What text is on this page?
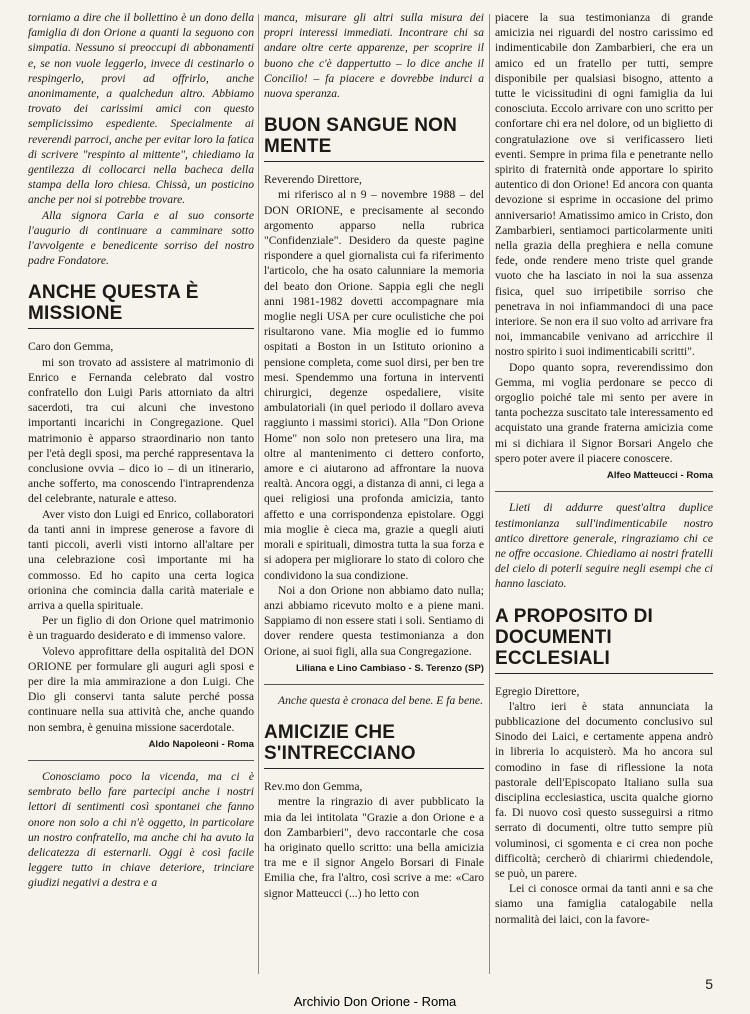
torniamo a dire che il bollettino è un dono della famiglia di don Orione a quanti la seguono con simpatia. Nessuno si preoccupi di abbonamenti e, se non vuole leggerlo, invece di cestinarlo o respingerlo, provi ad offrirlo, anche anonimamente, a qualchedun altro. Abbiamo trovato dei carissimi amici con questo semplicissimo espediente. Specialmente ai reverendi parroci, anche per evitar loro la fatica di scrivere "respinto al mittente", chiediamo la gentilezza di collocarci nella bacheca della stampa della loro chiesa. Chissà, un posticino anche per noi si potrebbe trovare.

Alla signora Carla e al suo consorte l'augurio di continuare a camminare sotto l'avvolgente e benedicente sorriso del nostro padre Fondatore.

ANCHE QUESTA È MISSIONE

Caro don Gemma,

mi son trovato ad assistere al matrimonio di Enrico e Fernanda celebrato dal vostro confratello don Luigi Paris attorniato da altri sacerdoti, tra cui alcuni che investono importanti incarichi in Congregazione. Quel matrimonio è apparso straordinario non tanto per l'età degli sposi, ma perché rappresentava la conclusione ovvia – dico io – di un itinerario, anche sofferto, ma conoscendo l'intraprendenza del celebrante, naturale e atteso.

Aver visto don Luigi ed Enrico, collaboratori da tanti anni in imprese generose a favore di tanti piccoli, averli visti intorno all'altare per una celebrazione così importante mi ha commosso. Ed ho capito una certa logica orionina che comincia dalla carità materiale e arriva a quella spirituale.

Per un figlio di don Orione quel matrimonio è un traguardo desiderato e di immenso valore.

Volevo approfittare della ospitalità del DON ORIONE per formulare gli auguri agli sposi e per dire la mia ammirazione a don Luigi. Che Dio gli conservi tanta salute perché possa continuare nella sua attività che, anche quando non sembra, è genuina missione sacerdotale.

Aldo Napoleoni - Roma

Conosciamo poco la vicenda, ma ci è sembrato bello fare partecipi anche i nostri lettori di sentimenti così spontanei che fanno onore non solo a chi n'è oggetto, in particolare un nostro confratello, ma anche chi ha avuto la delicatezza di esternarli. Oggi è così facile leggere tutto in chiave deteriore, trinciare giudizi negativi a destra e a

manca, misurare gli altri sulla misura dei propri interessi immediati. Incontrare chi sa andare oltre certe apparenze, per scoprire il buono che c'è dappertutto – lo dice anche il Concilio! – fa piacere e dovrebbe indurci a nuova speranza.

BUON SANGUE NON MENTE

Reverendo Direttore,

mi riferisco al n 9 – novembre 1988 – del DON ORIONE, e precisamente al secondo argomento apparso nella rubrica "Confidenziale". Desidero da queste pagine rispondere a quel giornalista cui fa riferimento l'articolo, che ha osato calunniare la memoria del beato don Orione. Sappia egli che negli anni 1981-1982 dovetti accompagnare mia moglie negli USA per cure oculistiche che poi risultarono vane. Mia moglie ed io fummo ospitati a Boston in un Istituto orionino a pensione completa, come suol dirsi, per ben tre mesi. Spendemmo una fortuna in interventi chirurgici, degenze ospedaliere, visite ambulatoriali (in quel periodo il dollaro aveva raggiunto i massimi storici). Alla "Don Orione Home" non solo non pretesero una lira, ma oltre al mantenimento ci dettero conforto, amore e ci aiutarono ad affrontare la nuova realtà. Ancora oggi, a distanza di anni, ci lega a quei religiosi una profonda amicizia, tanto affetto e una corrispondenza epistolare. Oggi mia moglie è cieca ma, grazie a quegli aiuti morali e spirituali, dimostra tutta la sua forza e si adopera per migliorare lo stato di coloro che condividono la sua condizione.

Noi a don Orione non abbiamo dato nulla; anzi abbiamo ricevuto molto e a piene mani. Sappiamo di non essere stati i soli. Sentiamo di dover rendere questa testimonianza a don Orione, ai suoi figli, alla sua Congregazione.

Liliana e Lino Cambiaso - S. Terenzo (SP)

Anche questa è cronaca del bene. E fa bene.

AMICIZIE CHE S'INTRECCIANO

Rev.mo don Gemma,

mentre la ringrazio di aver pubblicato la mia da lei intitolata "Grazie a don Orione e a don Zambarbieri", devo raccontarle che cosa ha originato quello scritto: una bella amicizia tra me e il signor Angelo Borsari di Finale Emilia che, fra l'altro, così scrive a me: «Caro signor Matteucci (...) ho letto con

piacere la sua testimonianza di grande amicizia nei riguardi del nostro carissimo ed indimenticabile don Zambarbieri, che era un amico ed un fratello per tutti, sempre disponibile per qualsiasi bisogno, attento a tutte le vicissitudini di ogni famiglia da lui conosciuta. Eccolo arrivare con uno scritto per confortare chi era nel dolore, od un biglietto di congratulazione ove si verificassero lieti eventi. Sempre in prima fila e penetrante nello spirito di fraternità onde apportare lo spirito autentico di don Orione! Ed ancora con quanta devozione si esprime in occasione del primo anniversario! Amatissimo amico in Cristo, don Zambarbieri, sentiamoci particolarmente uniti nella grazia della preghiera e nella comune fede, onde rendere meno triste quel grande vuoto che ha lasciato in noi la sua assenza fisica, quel suo irripetibile sorriso che penetrava in noi infiammandoci di una pace interiore. Se non era il suo volto ad arrivare fra noi, immancabile venivano ad arricchire il nostro spirito i suoi indimenticabili scritti".

Dopo quanto sopra, reverendissimo don Gemma, mi voglia perdonare se pecco di orgoglio poiché tale mi sento per avere in tanta pochezza suscitato tale interessamento ed acquistato una grande fraterna amicizia come mi si dichiara il Signor Borsari Angelo che spero poter avere il piacere conoscere.

Alfeo Matteucci - Roma

Lieti di addurre quest'altra duplice testimonianza sull'indimenticabile nostro antico direttore generale, ringraziamo chi ce ne offre occasione. Chiediamo ai nostri fratelli del cielo di poterli seguire negli esempi che ci hanno lasciato.

A PROPOSITO DI DOCUMENTI ECCLESIALI

Egregio Direttore,

l'altro ieri è stata annunciata la pubblicazione del documento conclusivo sul Sinodo dei Laici, e certamente appena andrò in libreria lo acquisterò. Ma ho ancora sul comodino in fase di riflessione la nota pastorale dell'Episcopato Italiano sulla sua disciplina ecclesiastica, uscita qualche giorno fa. Di nuovo così questo susseguirsi a ritmo serrato di documenti, oltre tutto sempre più voluminosi, ci sgomenta e ci crea non poche difficoltà; cercherò di chiarirmi chiedendole, se può, un parere.

Lei ci conosce ormai da tanti anni e sa che siamo una famiglia catalogabile nella normalità dei laici, con la favore-

5
Archivio Don Orione - Roma
